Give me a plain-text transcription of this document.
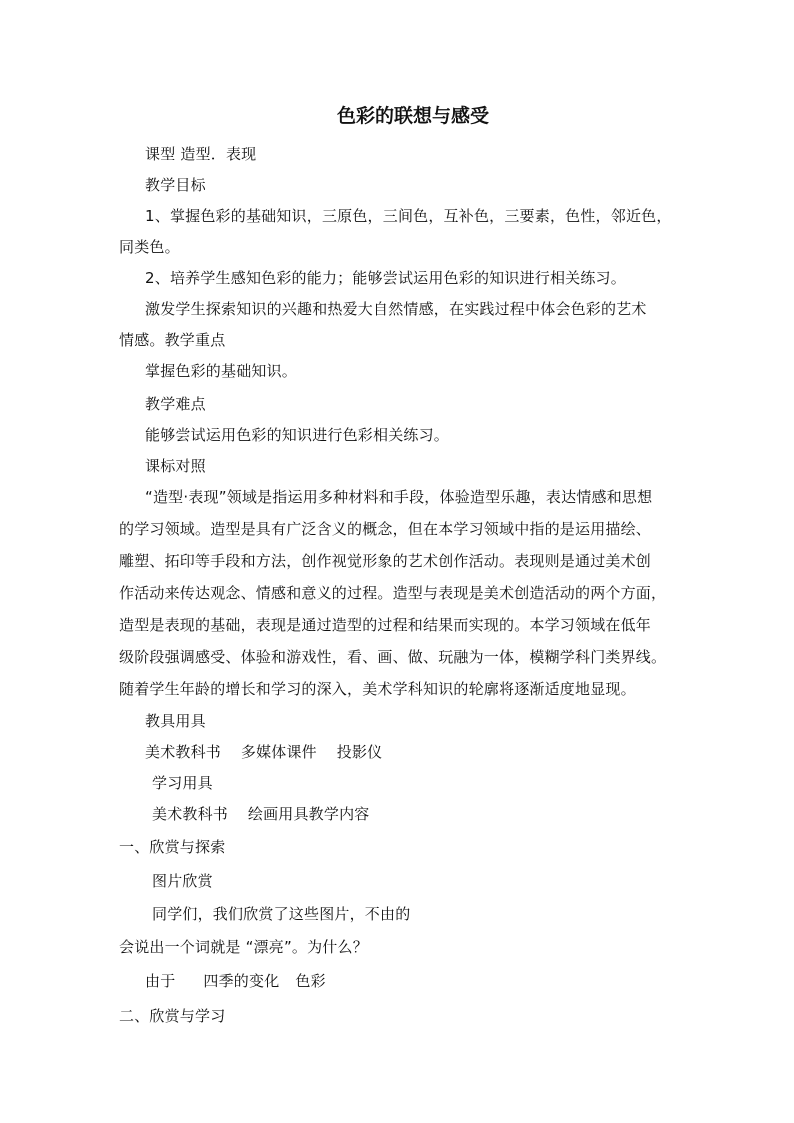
色彩的联想与感受
课型 造型．表现
教学目标
1、掌握色彩的基础知识，三原色，三间色，互补色，三要素，色性，邻近色，
同类色。
2、培养学生感知色彩的能力；能够尝试运用色彩的知识进行相关练习。
激发学生探索知识的兴趣和热爱大自然情感，在实践过程中体会色彩的艺术
情感。教学重点
掌握色彩的基础知识。
教学难点
能够尝试运用色彩的知识进行色彩相关练习。
课标对照
“造型·表现”领域是指运用多种材料和手段，体验造型乐趣，表达情感和思想
的学习领域。造型是具有广泛含义的概念，但在本学习领域中指的是运用描绘、
雕塑、拓印等手段和方法，创作视觉形象的艺术创作活动。表现则是通过美术创
作活动来传达观念、情感和意义的过程。造型与表现是美术创造活动的两个方面，
造型是表现的基础，表现是通过造型的过程和结果而实现的。本学习领域在低年
级阶段强调感受、体验和游戏性，看、画、做、玩融为一体，模糊学科门类界线。
随着学生年龄的增长和学习的深入，美术学科知识的轮廓将逐渐适度地显现。
教具用具
美术教科书    多媒体课件    投影仪
学习用具
美术教科书    绘画用具教学内容
一、欣赏与探索
图片欣赏
同学们，我们欣赏了这些图片，不由的
会说出一个词就是 “漂亮”。为什么？
由于 四季的变化 色彩
二、欣赏与学习
